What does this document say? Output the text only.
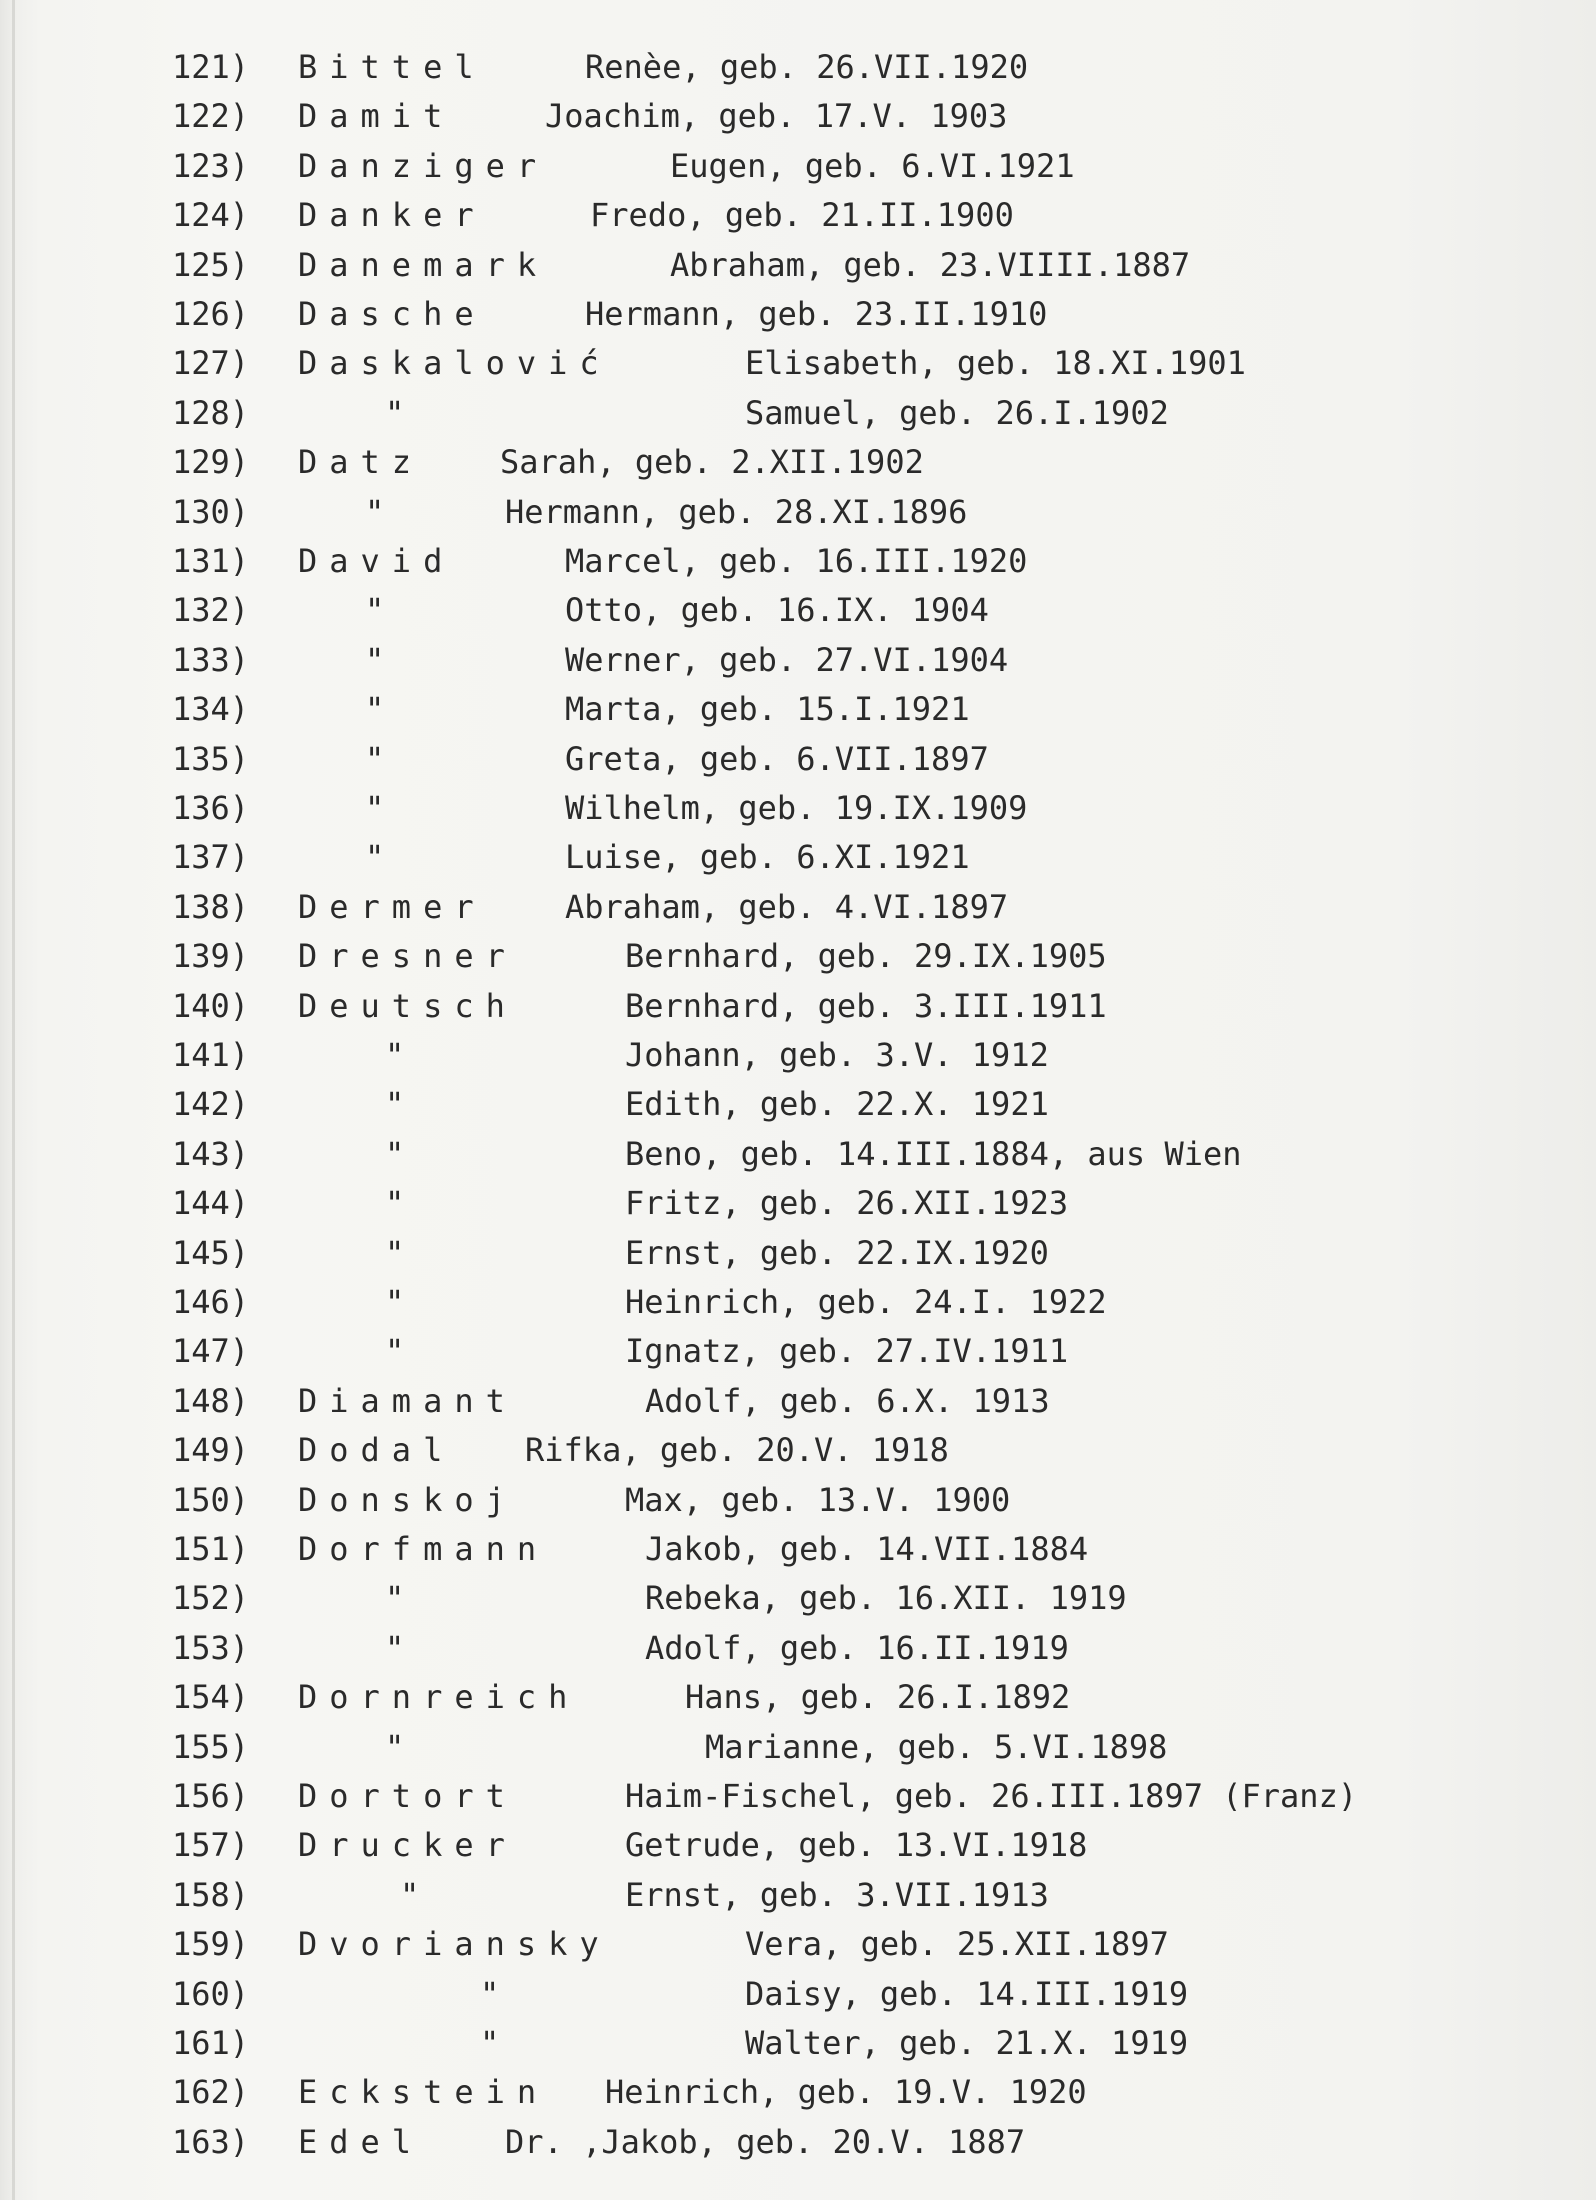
121) Bittel	Renèe, geb. 26.VII.1920
122) Damit	Joachim, geb. 17.V. 1903
123) Danziger	Eugen, geb. 6.VI.1921
124) Danker	Fredo, geb. 21.II.1900
125) Danemark	Abraham, geb. 23.VIIII.1887
126) Dasche	Hermann, geb. 23.II.1910
127) Daskalović	Elisabeth, geb. 18.XI.1901
128)	"	Samuel, geb. 26.I.1902
129) Datz Sarah, geb. 2.XII.1902
130)	"	Hermann, geb. 28.XI.1896
131) David	Marcel, geb. 16.III.1920
132)	"	Otto, geb. 16.IX. 1904
133)	"	Werner, geb. 27.VI.1904
134)	"	Marta, geb. 15.I.1921
135)	"	Greta, geb. 6.VII.1897
136)	"	Wilhelm, geb. 19.IX.1909
137)	"	Luise, geb. 6.XI.1921
138) Dermer Abraham, geb. 4.VI.1897
139) Dresner	Bernhard, geb. 29.IX.1905
140) Deutsch	Bernhard, geb. 3.III.1911
141)	"	Johann, geb. 3.V. 1912
142)	"	Edith, geb. 22.X. 1921
143)	"	Beno, geb. 14.III.1884, aus Wien
144)	"	Fritz, geb. 26.XII.1923
145)	"	Ernst, geb. 22.IX.1920
146)	"	Heinrich, geb. 24.I. 1922
147)	"	Ignatz, geb. 27.IV.1911
148) Diamant	Adolf, geb. 6.X. 1913
149) Dodal Rifka, geb. 20.V. 1918
150) Donskoj	Max, geb. 13.V. 1900
151) Dorfmann	Jakob, geb. 14.VII.1884
152)	"	Rebeka, geb. 16.XII. 1919
153)	"	Adolf, geb. 16.II.1919
154) Dornreich	Hans, geb. 26.I.1892
155)	"	Marianne, geb. 5.VI.1898
156) Dortort	Haim-Fischel, geb. 26.III.1897 (Franz)
157) Drucker	Getrude, geb. 13.VI.1918
158)	"	Ernst, geb. 3.VII.1913
159) Dvoriansky	Vera, geb. 25.XII.1897
160)	"	Daisy, geb. 14.III.1919
161)	"	Walter, geb. 21.X. 1919
162) Eckstein Heinrich, geb. 19.V. 1920
163) Edel	Dr. ,Jakob, geb. 20.V. 1887
